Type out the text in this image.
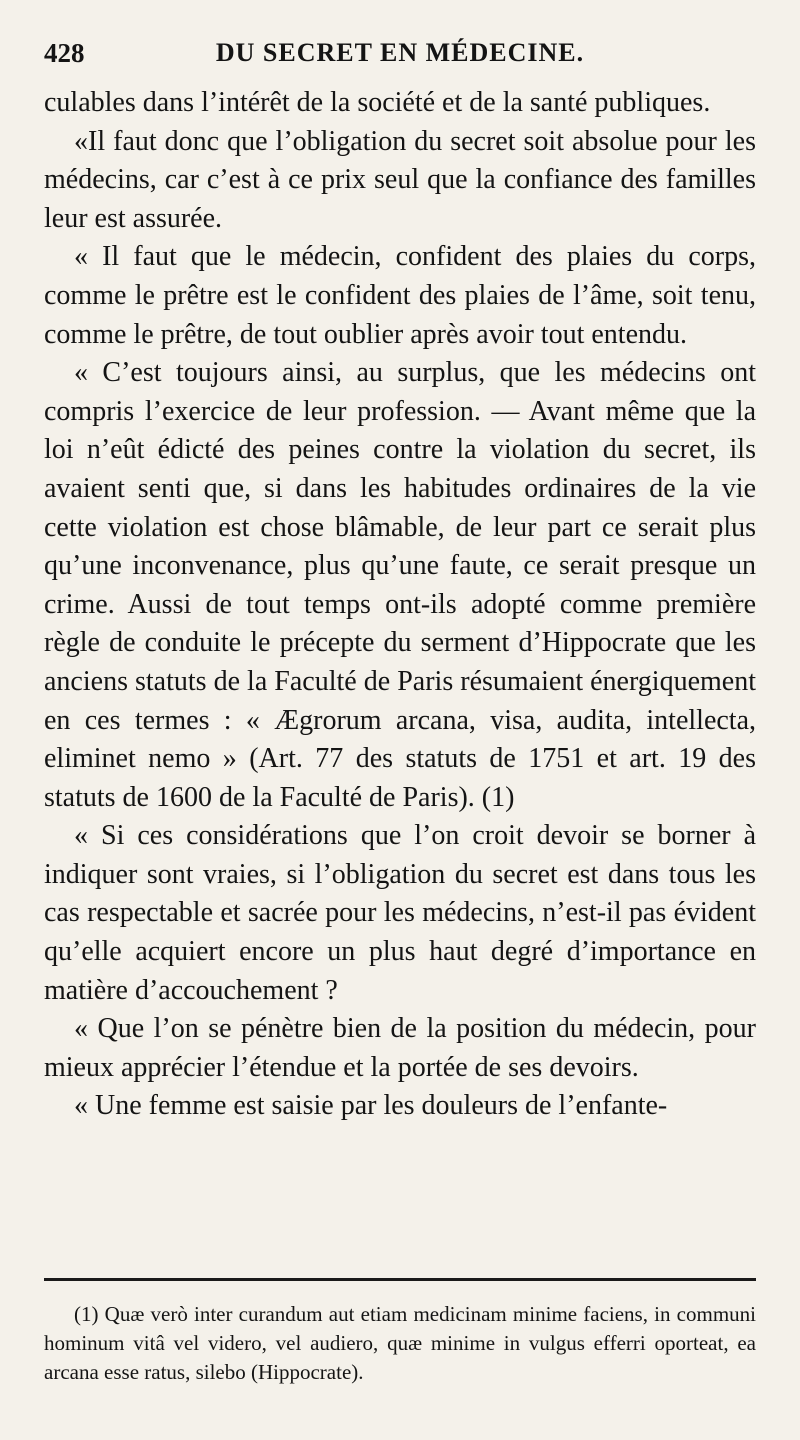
428	DU SECRET EN MÉDECINE.

culables dans l’intérêt de la société et de la santé publiques.

«Il faut donc que l’obligation du secret soit absolue pour les médecins, car c’est à ce prix seul que la confiance des familles leur est assurée.

« Il faut que le médecin, confident des plaies du corps, comme le prêtre est le confident des plaies de l’âme, soit tenu, comme le prêtre, de tout oublier après avoir tout entendu.

« C’est toujours ainsi, au surplus, que les médecins ont compris l’exercice de leur profession. — Avant même que la loi n’eût édicté des peines contre la violation du secret, ils avaient senti que, si dans les habitudes ordinaires de la vie cette violation est chose blâmable, de leur part ce serait plus qu’une inconvenance, plus qu’une faute, ce serait presque un crime. Aussi de tout temps ont-ils adopté comme première règle de conduite le précepte du serment d’Hippocrate que les anciens statuts de la Faculté de Paris résumaient énergiquement en ces termes : « Ægrorum arcana, visa, audita, intellecta, eliminet nemo » (Art. 77 des statuts de 1751 et art. 19 des statuts de 1600 de la Faculté de Paris). (1)

« Si ces considérations que l’on croit devoir se borner à indiquer sont vraies, si l’obligation du secret est dans tous les cas respectable et sacrée pour les médecins, n’est-il pas évident qu’elle acquiert encore un plus haut degré d’importance en matière d’accouchement ?

« Que l’on se pénètre bien de la position du médecin, pour mieux apprécier l’étendue et la portée de ses devoirs.

« Une femme est saisie par les douleurs de l’enfante-

(1) Quæ verò inter curandum aut etiam medicinam minime faciens, in communi hominum vitâ vel videro, vel audiero, quæ minime in vulgus efferri oporteat, ea arcana esse ratus, silebo (Hippocrate).
